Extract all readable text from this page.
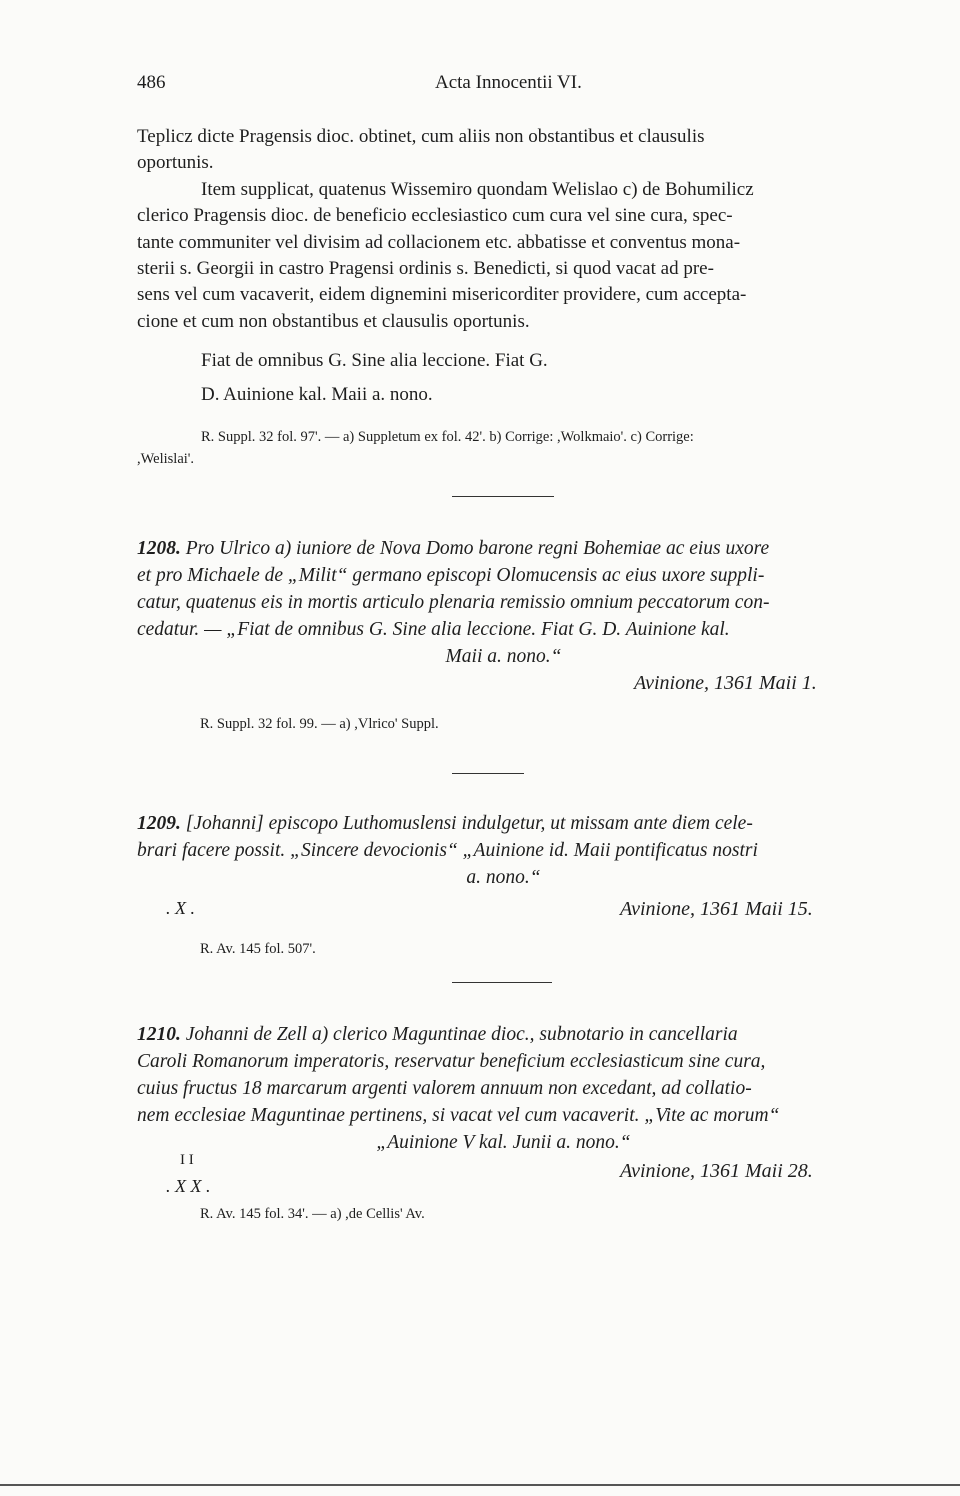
486	Acta Innocentii VI.

Teplicz dicte Pragensis dioc. obtinet, cum aliis non obstantibus et clausulis

oportunis.

Item supplicat, quatenus Wissemiro quondam Welislao c) de Bohumilicz

clerico Pragensis dioc. de beneficio ecclesiastico cum cura vel sine cura, spec-

tante communiter vel divisim ad collacionem etc. abbatisse et conventus mona-

sterii s. Georgii in castro Pragensi ordinis s. Benedicti, si quod vacat ad pre-

sens vel cum vacaverit, eidem dignemini misericorditer providere, cum accepta-

cione et cum non obstantibus et clausulis oportunis.

Fiat de omnibus G. Sine alia leccione. Fiat G.
D. Auinione kal. Maii a. nono.
R. Suppl. 32 fol. 97'. — a) Suppletum ex fol. 42'. b) Corrige: ,Wolkmaio'. c) Corrige:
,Welislai'.

1208. Pro Ulrico a) iuniore de Nova Domo barone regni Bohemiae ac eius uxore

et pro Michaele de „Milit“ germano episcopi Olomucensis ac eius uxore suppli-

catur, quatenus eis in mortis articulo plenaria remissio omnium peccatorum con-

cedatur. — „Fiat de omnibus G. Sine alia leccione. Fiat G. D. Auinione kal.

Maii a. nono.“

Avinione, 1361 Maii 1.
R. Suppl. 32 fol. 99. — a) ,Vlrico' Suppl.

1209. [Johanni] episcopo Luthomuslensi indulgetur, ut missam ante diem cele-

brari facere possit. „Sincere devocionis“ „Auinione id. Maii pontificatus nostri

a. nono.“

. X .	Avinione, 1361 Maii 15.
R. Av. 145 fol. 507'.

1210. Johanni de Zell a) clerico Maguntinae dioc., subnotario in cancellaria

Caroli Romanorum imperatoris, reservatur beneficium ecclesiasticum sine cura,

cuius fructus 18 marcarum argenti valorem annuum non excedant, ad collatio-

nem ecclesiae Maguntinae pertinens, si vacat vel cum vacaverit. „Vite ac morum“

„Auinione V kal. Junii a. nono.“

I I
. X X .
Avinione, 1361 Maii 28.
R. Av. 145 fol. 34'. — a) ,de Cellis' Av.
